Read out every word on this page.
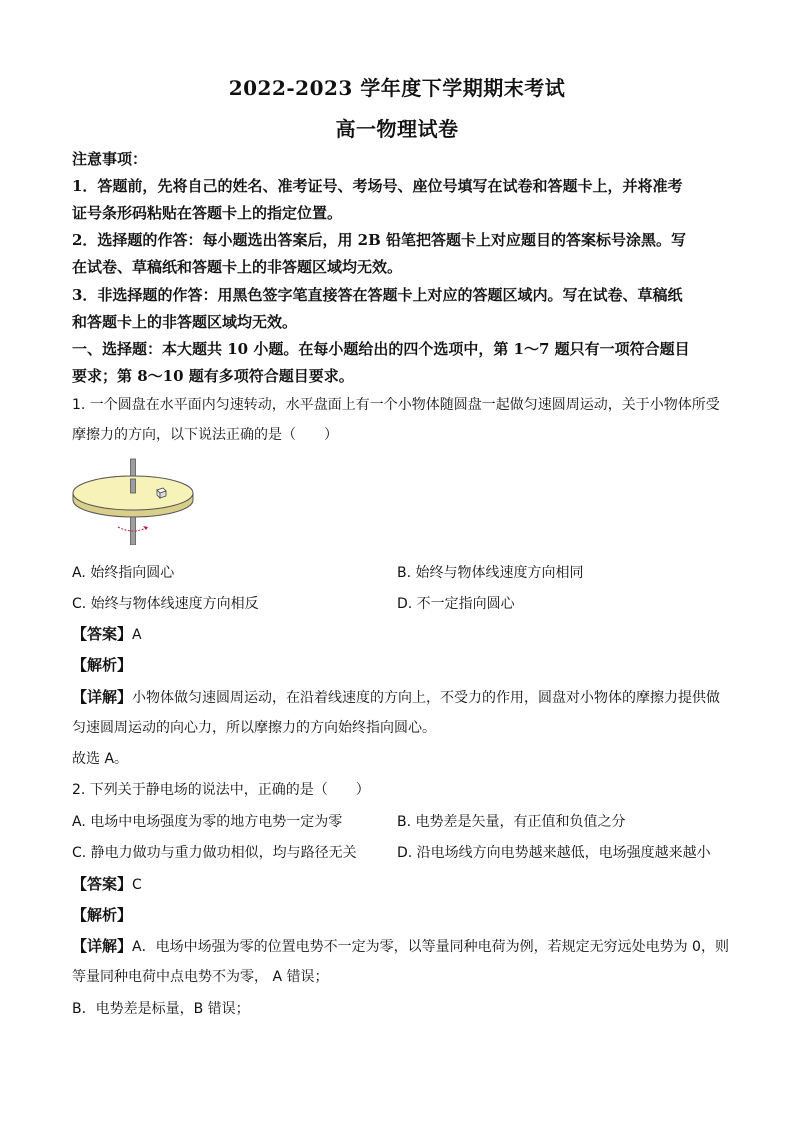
2022-2023 学年度下学期期末考试
高一物理试卷
注意事项：
1．答题前，先将自己的姓名、准考证号、考场号、座位号填写在试卷和答题卡上，并将准考
证号条形码粘贴在答题卡上的指定位置。
2．选择题的作答：每小题选出答案后，用 2B 铅笔把答题卡上对应题目的答案标号涂黑。写
在试卷、草稿纸和答题卡上的非答题区域均无效。
3．非选择题的作答：用黑色签字笔直接答在答题卡上对应的答题区域内。写在试卷、草稿纸
和答题卡上的非答题区域均无效。
一、选择题：本大题共 10 小题。在每小题给出的四个选项中，第 1～7 题只有一项符合题目
要求；第 8～10 题有多项符合题目要求。
1. 一个圆盘在水平面内匀速转动，水平盘面上有一个小物体随圆盘一起做匀速圆周运动，关于小物体所受
摩擦力的方向，以下说法正确的是（　　）
A. 始终指向圆心	B. 始终与物体线速度方向相同
C. 始终与物体线速度方向相反	D. 不一定指向圆心
【答案】A
【解析】
【详解】小物体做匀速圆周运动，在沿着线速度的方向上，不受力的作用，圆盘对小物体的摩擦力提供做
匀速圆周运动的向心力，所以摩擦力的方向始终指向圆心。
故选 A。
2. 下列关于静电场的说法中，正确的是（　　）
A. 电场中电场强度为零的地方电势一定为零	B. 电势差是矢量，有正值和负值之分
C. 静电力做功与重力做功相似，均与路径无关	D. 沿电场线方向电势越来越低，电场强度越来越小
【答案】C
【解析】
【详解】A．电场中场强为零的位置电势不一定为零，以等量同种电荷为例，若规定无穷远处电势为 0，则
等量同种电荷中点电势不为零， A 错误；
B．电势差是标量，B 错误；
